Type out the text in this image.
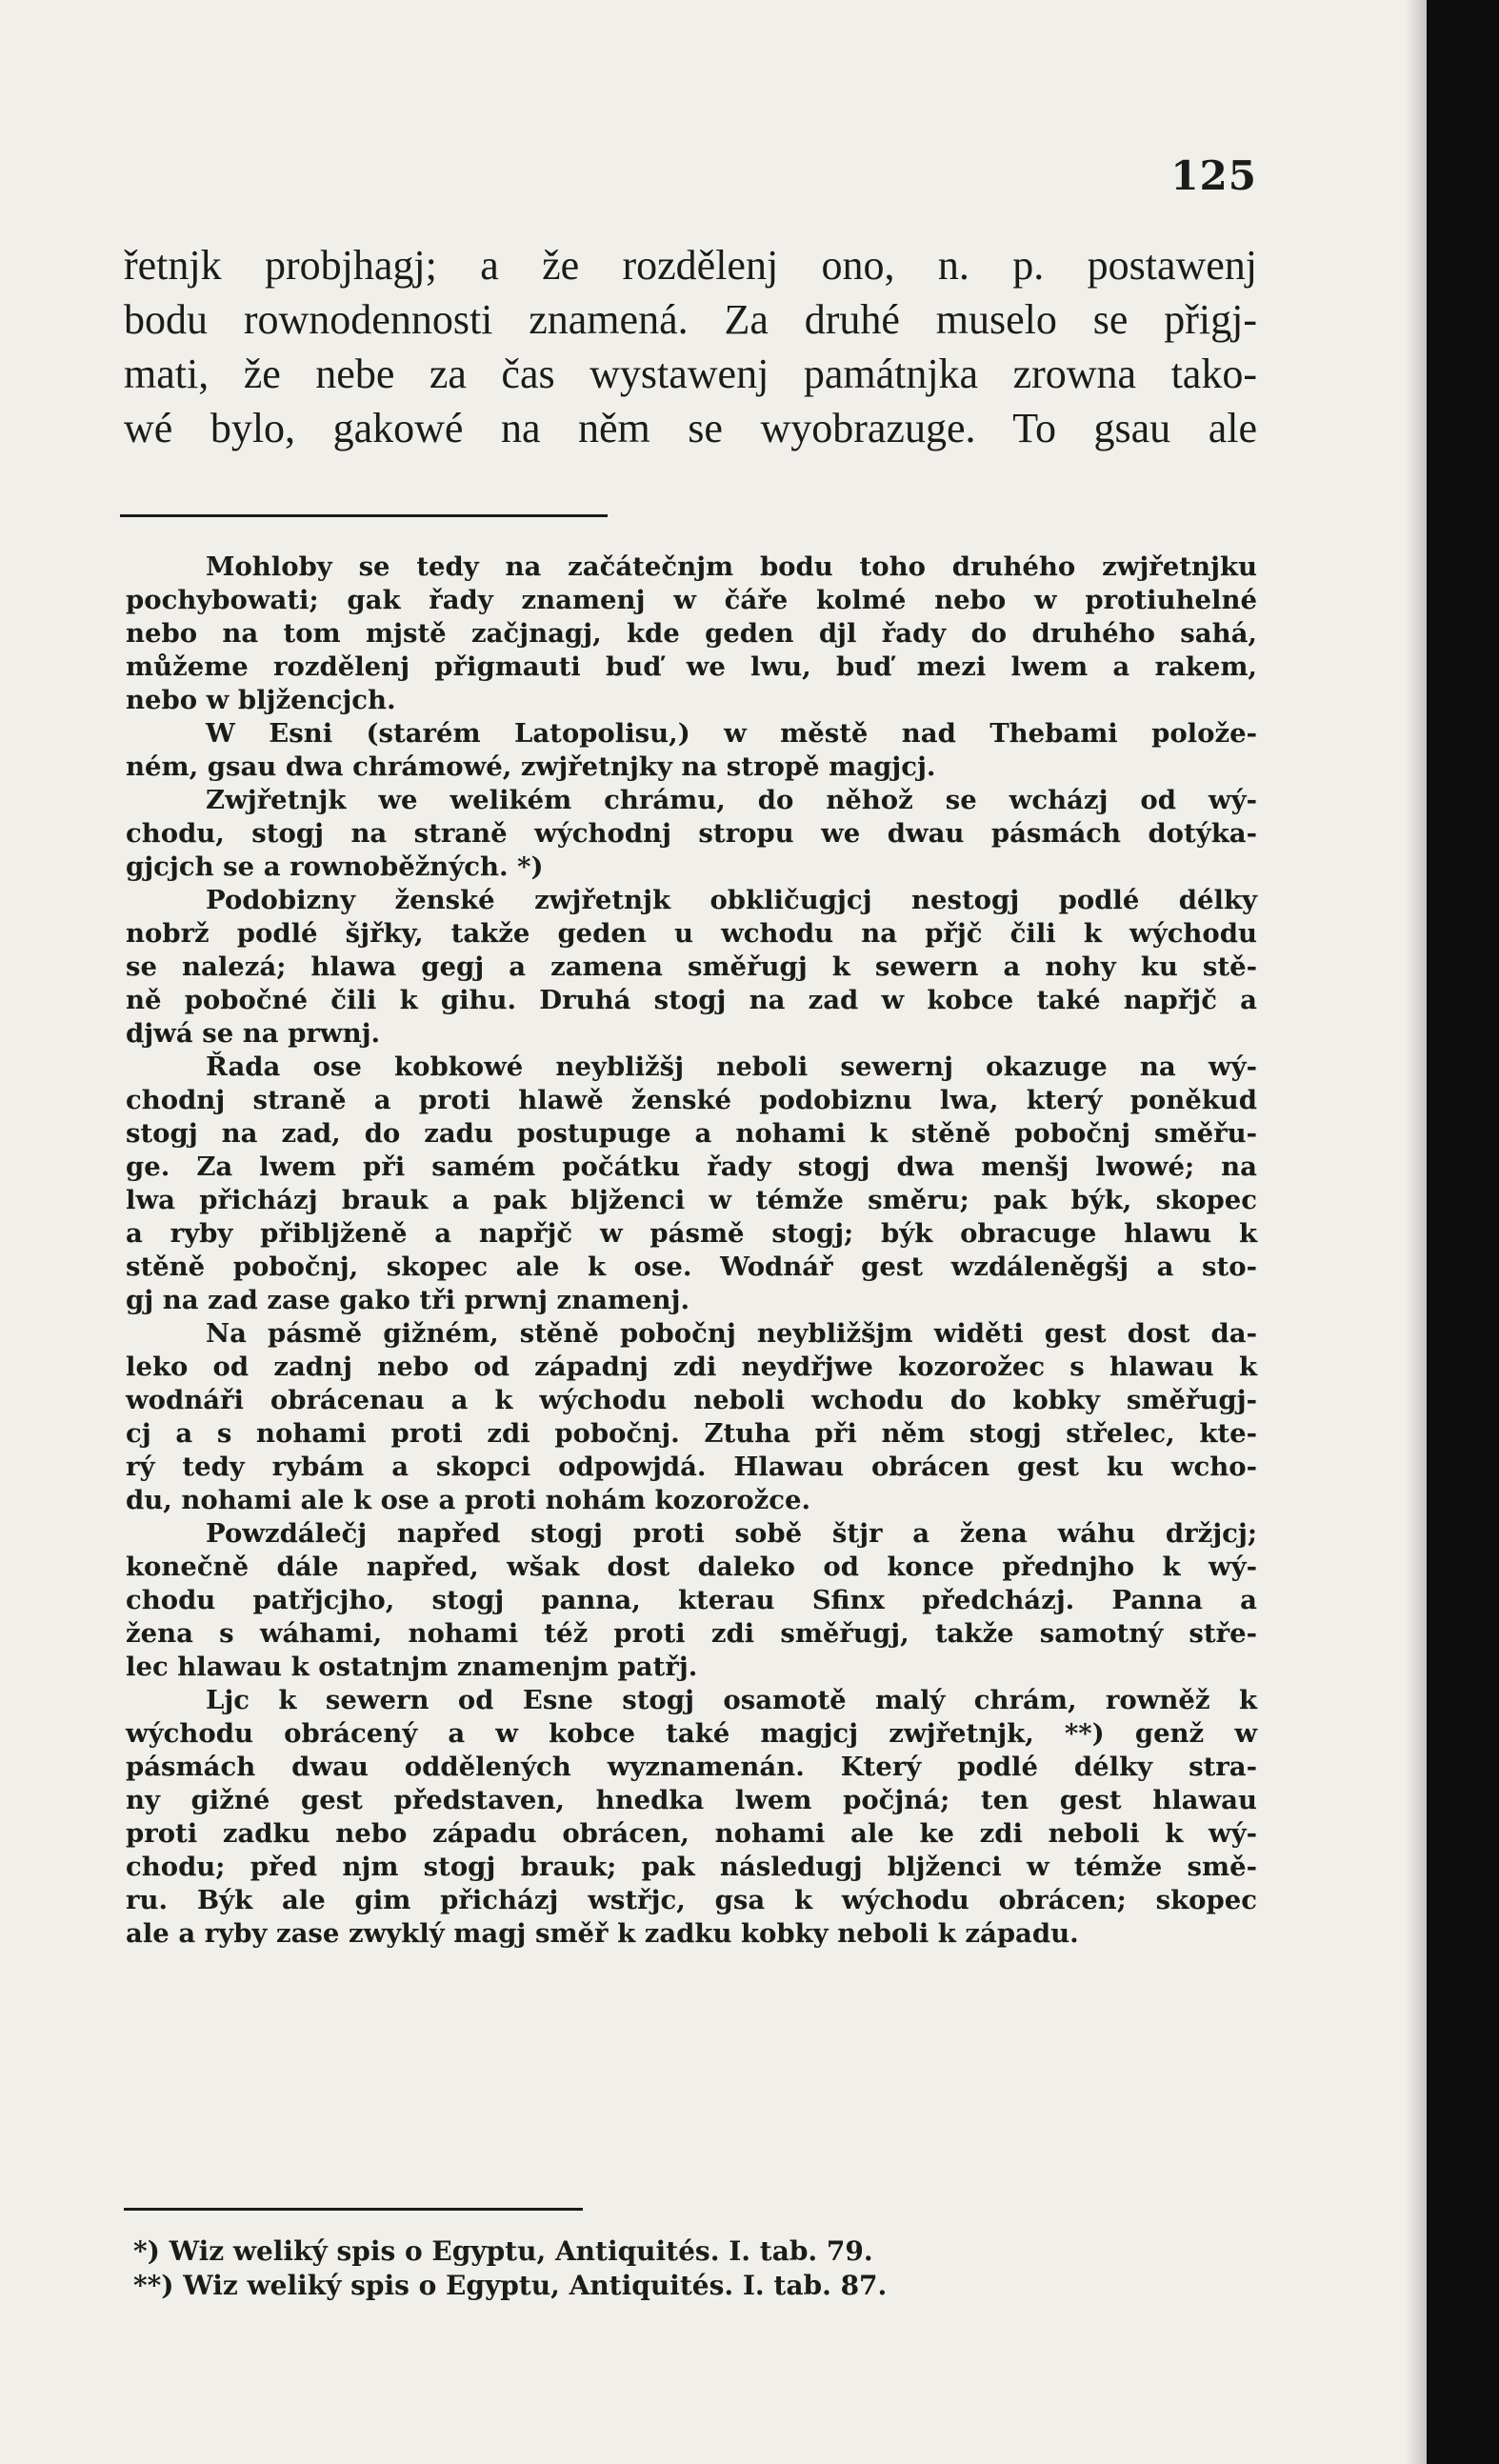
125
řetnjk probjhagj; a že rozdělenj ono, n. p. postawenj
bodu rownodennosti znamená. Za druhé muselo se přigj-
mati, že nebe za čas wystawenj památnjka zrowna tako-
wé bylo, gakowé na něm se wyobrazuge. To gsau ale

Mohloby se tedy na začátečnjm bodu toho druhého zwjřetnjku
pochybowati; gak řady znamenj w čáře kolmé nebo w protiuhelné
nebo na tom mjstě začjnagj, kde geden djl řady do druhého sahá,
můžeme rozdělenj přigmauti buď we lwu, buď mezi lwem a rakem,
nebo w bljžencjch.

W Esni (starém Latopolisu,) w městě nad Thebami polože-
ném, gsau dwa chrámowé, zwjřetnjky na stropě magjcj.

Zwjřetnjk we welikém chrámu, do něhož se wcházj od wý-
chodu, stogj na straně wýchodnj stropu we dwau pásmách dotýka-
gjcjch se a rownoběžných. *)

Podobizny ženské zwjřetnjk obkličugjcj nestogj podlé délky
nobrž podlé šjřky, takže geden u wchodu na přjč čili k wýchodu
se nalezá; hlawa gegj a zamena směřugj k sewern a nohy ku stě-
ně pobočné čili k gihu. Druhá stogj na zad w kobce také napřjč a
djwá se na prwnj.

Řada ose kobkowé neybližšj neboli sewernj okazuge na wý-
chodnj straně a proti hlawě ženské podobiznu lwa, který poněkud
stogj na zad, do zadu postupuge a nohami k stěně pobočnj směřu-
ge. Za lwem při samém počátku řady stogj dwa menšj lwowé; na
lwa přicházj brauk a pak bljženci w témže směru; pak býk, skopec
a ryby přibljženě a napřjč w pásmě stogj; býk obracuge hlawu k
stěně pobočnj, skopec ale k ose. Wodnář gest wzdáleněgšj a sto-
gj na zad zase gako tři prwnj znamenj.

Na pásmě gižném, stěně pobočnj neybližšjm widěti gest dost da-
leko od zadnj nebo od západnj zdi neydřjwe kozorožec s hlawau k
wodnáři obrácenau a k wýchodu neboli wchodu do kobky směřugj-
cj a s nohami proti zdi pobočnj. Ztuha při něm stogj střelec, kte-
rý tedy rybám a skopci odpowjdá. Hlawau obrácen gest ku wcho-
du, nohami ale k ose a proti nohám kozorožce.

Powzdálečj napřed stogj proti sobě štjr a žena wáhu držjcj;
konečně dále napřed, wšak dost daleko od konce přednjho k wý-
chodu patřjcjho, stogj panna, kterau Sfinx předcházj. Panna a
žena s wáhami, nohami též proti zdi směřugj, takže samotný stře-
lec hlawau k ostatnjm znamenjm patřj.

Ljc k sewern od Esne stogj osamotě malý chrám, rowněž k
wýchodu obrácený a w kobce také magjcj zwjřetnjk, **) genž w
pásmách dwau oddělených wyznamenán. Který podlé délky stra-
ny gižné gest představen, hnedka lwem počjná; ten gest hlawau
proti zadku nebo západu obrácen, nohami ale ke zdi neboli k wý-
chodu; před njm stogj brauk; pak následugj bljženci w témže smě-
ru. Býk ale gim přicházj wstřjc, gsa k wýchodu obrácen; skopec
ale a ryby zase zwyklý magj směř k zadku kobky neboli k západu.

*) Wiz weliký spis o Egyptu, Antiquités. I. tab. 79.
**) Wiz weliký spis o Egyptu, Antiquités. I. tab. 87.
